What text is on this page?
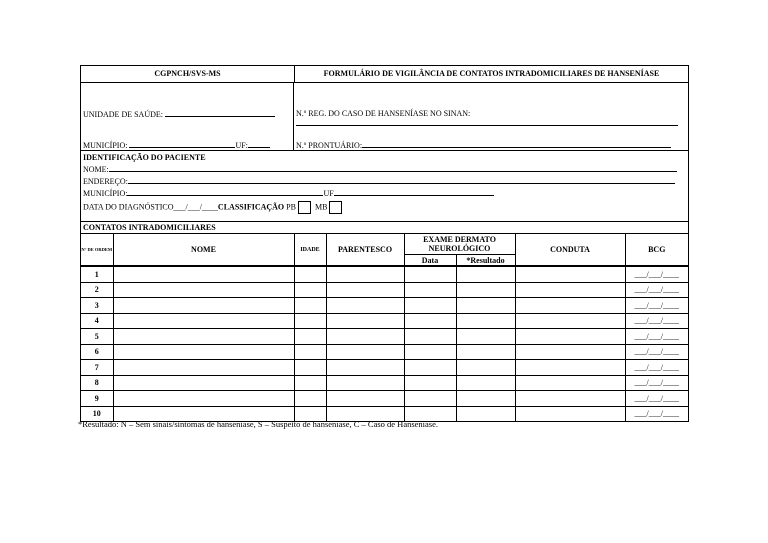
CGPNCH/SVS-MS	FORMULÁRIO DE VIGILÂNCIA DE CONTATOS INTRADOMICILIARES DE HANSENÍASE
UNIDADE DE SAÚDE:
MUNICÍPIO:	UF:
N.º REG. DO CASO DE HANSENÍASE NO SINAN:
N.º PRONTUÁRIO:
IDENTIFICAÇÃO DO PACIENTE
NOME:
ENDEREÇO:
MUNICÍPIO:	UF
DATA DO DIAGNÓSTICO___/___/____CLASSIFICAÇÃO PB MB
CONTATOS INTRADOMICILIARES
N° DE ORDEM	NOME	IDADE	PARENTESCO	EXAME DERMATO NEUROLÓGICO		CONDUTA	BCG
				Data	*Resultado		
1							___/___/____
2							___/___/____
3							___/___/____
4							___/___/____
5							___/___/____
6							___/___/____
7							___/___/____
8							___/___/____
9							___/___/____
10							___/___/____
*Resultado: N – Sem sinais/sintomas de hanseníase, S – Suspeito de hanseníase, C – Caso de Hanseníase.
